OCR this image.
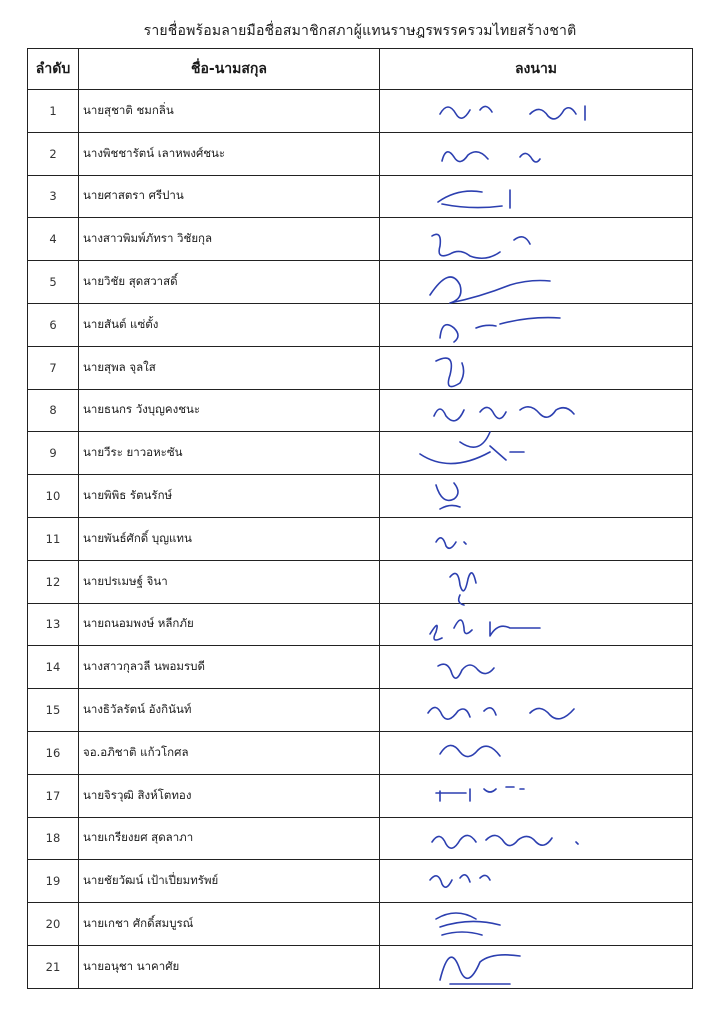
รายชื่อพร้อมลายมือชื่อสมาชิกสภาผู้แทนราษฎรพรรครวมไทยสร้างชาติ
ลำดับ	ชื่อ-นามสกุล	ลงนาม
1	นายสุชาติ ชมกลิ่น	

2	นางพิชชารัตน์ เลาหพงศ์ชนะ	

3	นายศาสตรา ศรีปาน	

4	นางสาวพิมพ์ภัทรา วิชัยกุล	

5	นายวิชัย สุดสวาสดิ์	

6	นายสันต์ แซ่ตั้ง	

7	นายสุพล จุลใส	

8	นายธนกร วังบุญคงชนะ	

9	นายวีระ ยาวอหะซัน	

10	นายพิพิธ รัตนรักษ์	

11	นายพันธ์ศักดิ์ บุญแทน	

12	นายปรเมษฐ์ จินา	

13	นายถนอมพงษ์ หลีกภัย	

14	นางสาวกุลวลี นพอมรบดี	

15	นางธิวัลรัตน์ อังกินันท์	

16	จอ.อภิชาติ แก้วโกศล	

17	นายจิรวุฒิ สิงห์โตทอง	

18	นายเกรียงยศ สุดลาภา	

19	นายชัยวัฒน์ เป้าเปี่ยมทรัพย์	

20	นายเกชา ศักดิ์สมบูรณ์	

21	นายอนุชา นาคาศัย	
